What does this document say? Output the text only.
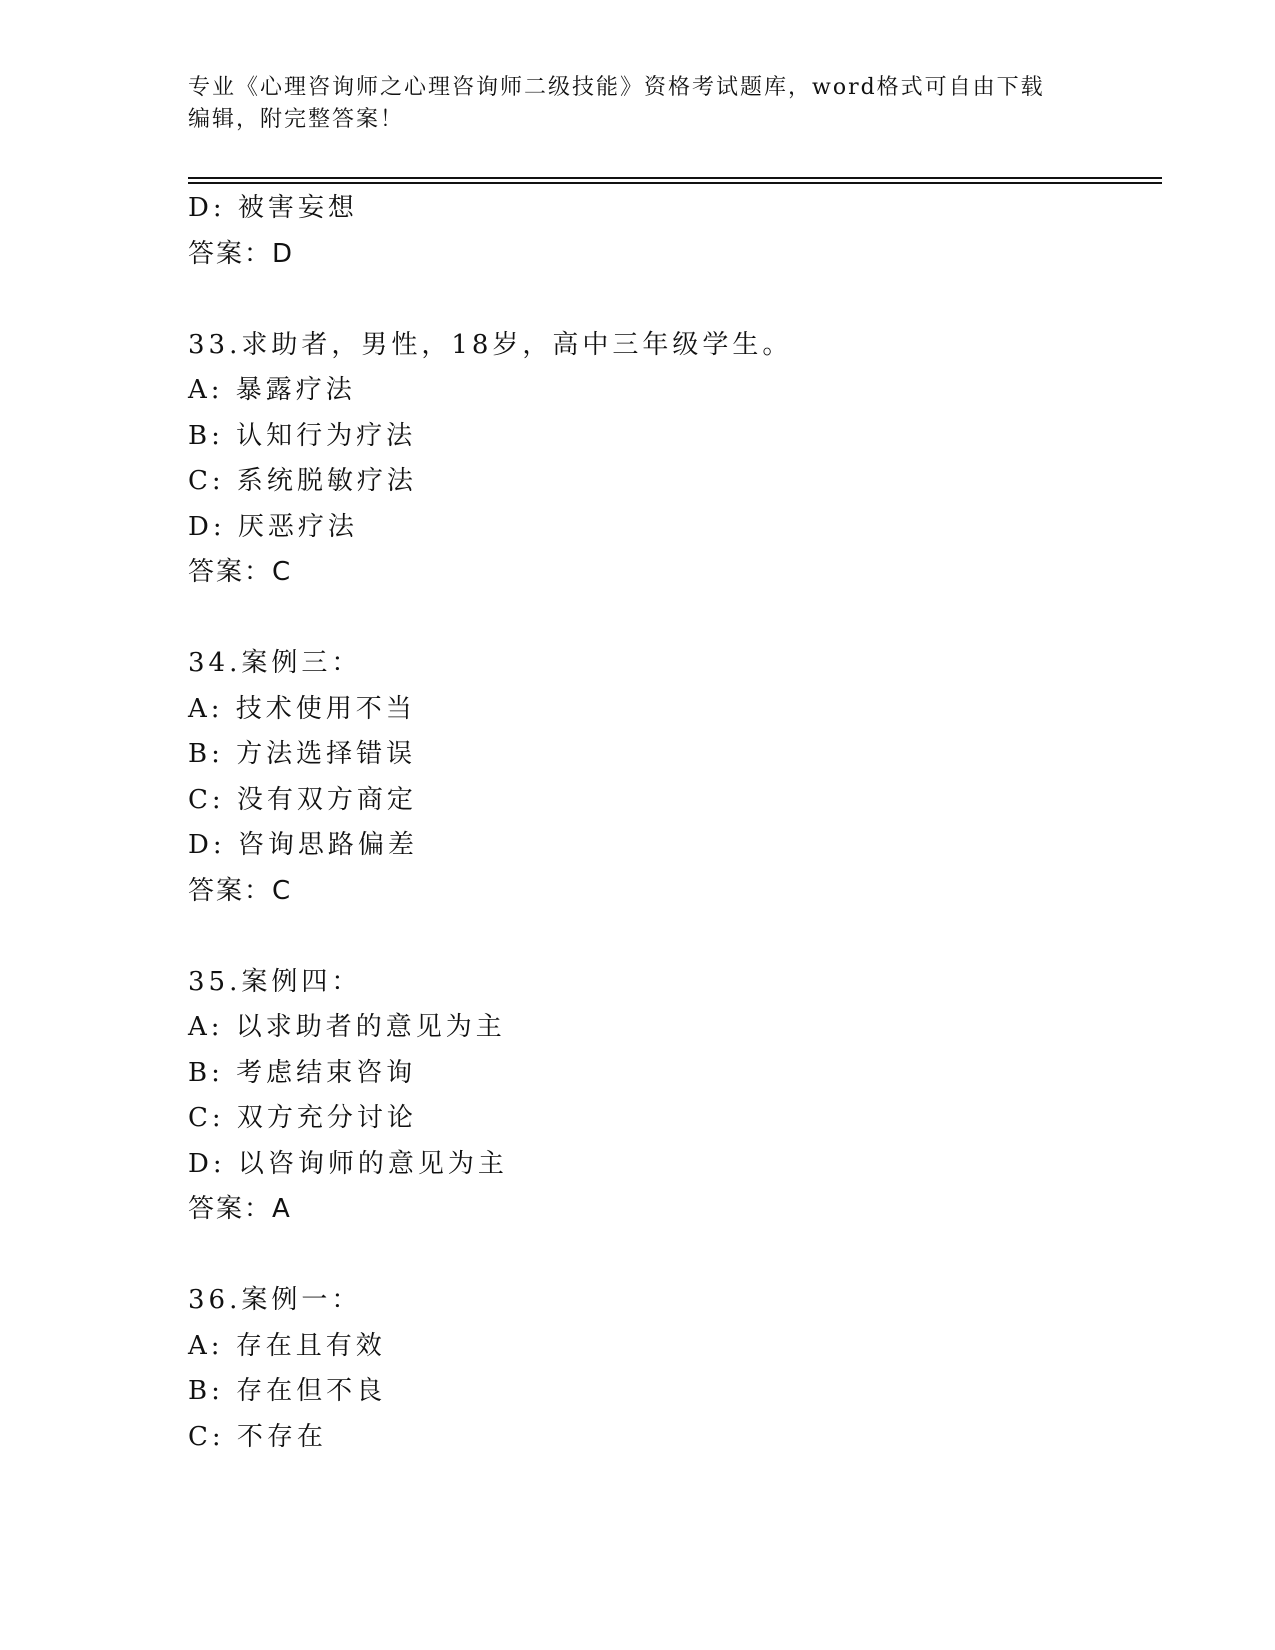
专业《心理咨询师之心理咨询师二级技能》资格考试题库，word格式可自由下载
编辑，附完整答案！
D: 被害妄想
答案：D
33.求助者，男性，18岁，高中三年级学生。
A: 暴露疗法
B: 认知行为疗法
C: 系统脱敏疗法
D: 厌恶疗法
答案：C
34.案例三：
A: 技术使用不当
B: 方法选择错误
C: 没有双方商定
D: 咨询思路偏差
答案：C
35.案例四：
A: 以求助者的意见为主
B: 考虑结束咨询
C: 双方充分讨论
D: 以咨询师的意见为主
答案：A
36.案例一：
A: 存在且有效
B: 存在但不良
C: 不存在
